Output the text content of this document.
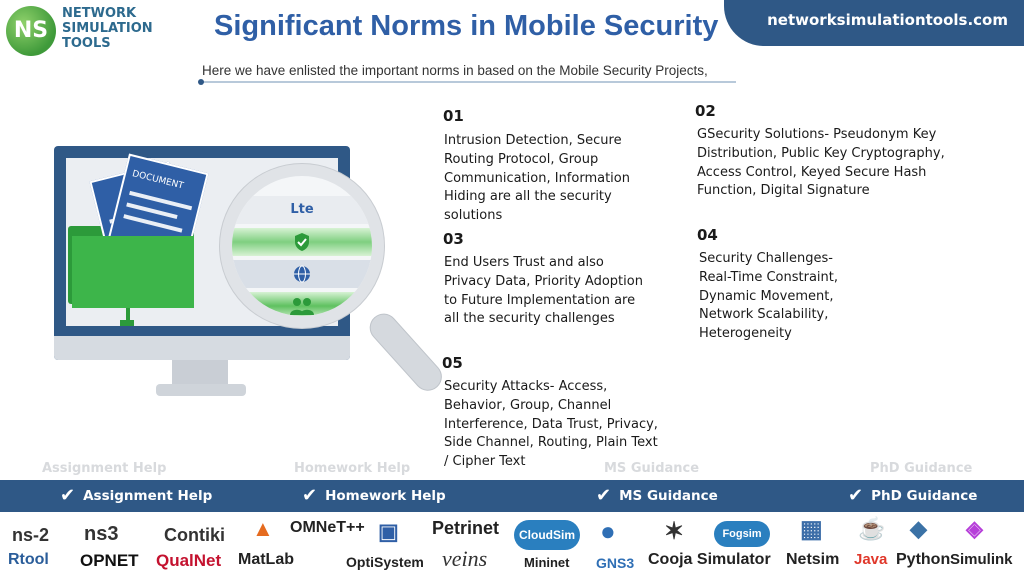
NS
NETWORK
SIMULATION
TOOLS
Significant Norms in Mobile Security	networksimulationtools.com
Here we have enlisted the important norms in based on the Mobile Security Projects,
DOCUMENT
Lte
01
Intrusion Detection, Secure Routing Protocol, Group Communication, Information Hiding are all the security solutions
02
GSecurity Solutions- Pseudonym Key Distribution, Public Key Cryptography, Access Control, Keyed Secure Hash Function, Digital Signature
03
End Users Trust and also Privacy Data, Priority Adoption to Future Implementation are all the security challenges
04
Security Challenges- Real-Time Constraint, Dynamic Movement, Network Scalability, Heterogeneity
05
Security Attacks- Access, Behavior, Group, Channel Interference, Data Trust, Privacy, Side Channel, Routing, Plain Text / Cipher Text
Assignment Help	Homework Help	MS Guidance	PhD Guidance
✔ Assignment Help	✔ Homework Help	✔ MS Guidance	✔ PhD Guidance
ns-2 ns3	Contiki ▲ OMNeT++ ▣ Petrinet	CloudSim ● ✶	Fogsim	▦ ☕ ◆ ◈
Rtool OPNET QualNet MatLab	OptiSystem veins	Mininet GNS3 Cooja Simulator Netsim Java Python Simulink
